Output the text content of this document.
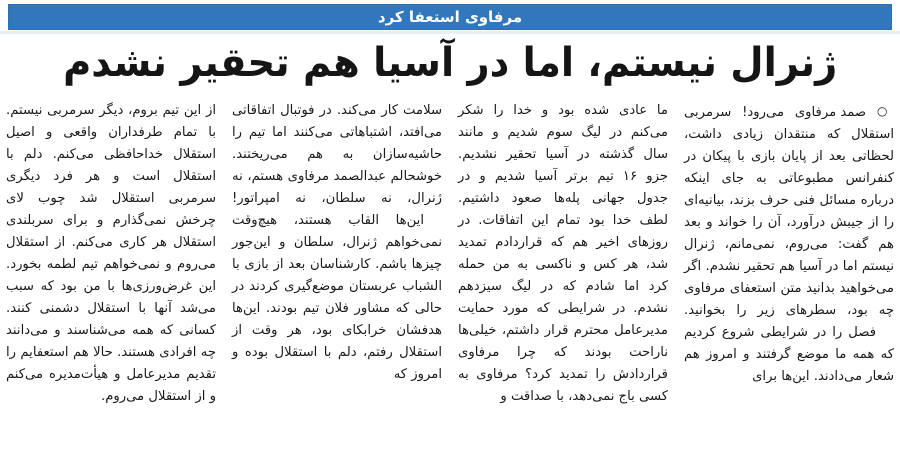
مرفاوی استعفا کرد
ژنرال نیستم، اما در آسیا هم تحقیر نشدم

○ صمد مرفاوی می‌رود! سرمربی استقلال که منتقدان زیادی داشت، لحظاتی بعد از پایان بازی با پیکان در کنفرانس مطبوعاتی به جای اینکه درباره مسائل فنی حرف بزند، بیانیه‌ای را از جیبش درآورد، آن را خواند و بعد هم گفت: می‌روم، نمی‌مانم، ژنرال نیستم اما در آسیا هم تحقیر نشدم. اگر می‌خواهید بدانید متن استعفای مرفاوی چه بود، سطرهای زیر را بخوانید.

فصل را در شرایطی شروع کردیم که همه ما موضع گرفتند و امروز هم شعار می‌دادند. این‌ها برای

ما عادی شده بود و خدا را شکر می‌کنم در لیگ سوم شدیم و مانند سال گذشته در آسیا تحقیر نشدیم. جزو ۱۶ تیم برتر آسیا شدیم و در جدول جهانی پله‌ها صعود داشتیم. لطف خدا بود تمام این اتفاقات. در روزهای اخیر هم که قراردادم تمدید شد، هر کس و ناکسی به من حمله کرد اما شادم که در لیگ سیزدهم نشدم. در شرایطی که مورد حمایت مدیرعامل محترم قرار داشتم، خیلی‌ها ناراحت بودند که چرا مرفاوی قراردادش را تمدید کرد؟ مرفاوی به کسی باج نمی‌دهد، با صداقت و

سلامت کار می‌کند. در فوتبال اتفاقاتی می‌افتد، اشتباهاتی می‌کنند اما تیم را حاشیه‌سازان به هم می‌ریختند. خوشحالم عبدالصمد مرفاوی هستم، نه ژنرال، نه سلطان، نه امپراتور!

این‌ها القاب هستند، هیچ‌وقت نمی‌خواهم ژنرال، سلطان و این‌جور چیزها باشم. کارشناسان بعد از بازی با الشباب عربستان موضع‌گیری کردند در حالی که مشاور فلان تیم بودند. این‌ها هدفشان خرابکای بود، هر وقت از استقلال رفتم، دلم با استقلال بوده و امروز که

از این تیم بروم، دیگر سرمربی نیستم. با تمام طرفداران واقعی و اصیل استقلال خداحافظی می‌کنم. دلم با استقلال است و هر فرد دیگری سرمربی استقلال شد چوب لای چرخش نمی‌گذارم و برای سربلندی استقلال هر کاری می‌کنم. از استقلال می‌روم و نمی‌خواهم تیم لطمه بخورد. این غرض‌ورزی‌ها با من بود که سبب می‌شد آنها با استقلال دشمنی کنند. کسانی که همه می‌شناسند و می‌دانند چه افرادی هستند. حالا هم استعفایم را تقدیم مدیرعامل و هیأت‌مدیره می‌کنم و از استقلال می‌روم.
